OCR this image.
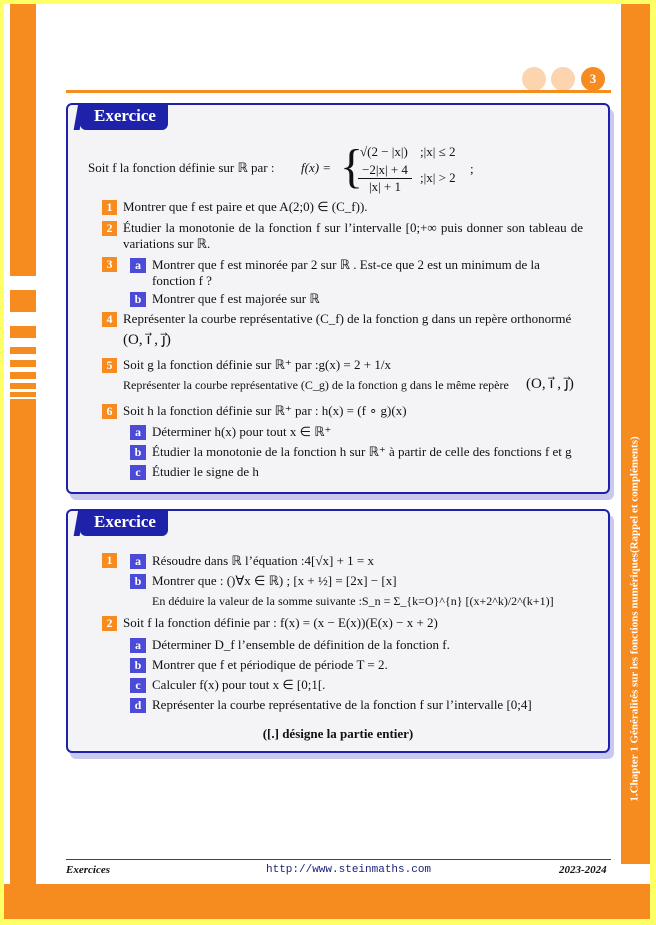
1.Chapter 1 Généralités sur les fonctions numériques(Rappel et compléments)
3
Exercice
Soit f la fonction définie sur ℝ par : f(x) = {
√(2 − |x|) ;|x| ≤ 2
−2|x| + 4
|x| + 1
;|x| > 2
;
1 Montrer que f est paire et que A(2;0) ∈ (C_f)).
2 Étudier la monotonie de la fonction f sur l’intervalle [0;+∞ puis donner son tableau de variations sur ℝ.
3	a Montrer que f est minorée par 2 sur ℝ . Est-ce que 2 est un minimum de la fonction f ?
b Montrer que f est majorée sur ℝ
4 Représenter la courbe représentative (C_f) de la fonction g dans un repère orthonormé
(O, i⃗ , j⃗)
5 Soit g la fonction définie sur ℝ⁺ par :g(x) = 2 + 1/x
Représenter la courbe représentative (C_g) de la fonction g dans le même repère (O, i⃗ , j⃗)
6 Soit h la fonction définie sur ℝ⁺ par : h(x) = (f ∘ g)(x)
a Déterminer h(x) pour tout x ∈ ℝ⁺
b Étudier la monotonie de la fonction h sur ℝ⁺ à partir de celle des fonctions f et g
c Étudier le signe de h
Exercice
1	a Résoudre dans ℝ l’équation :4[√x] + 1 = x
b Montrer que : ()∀x ∈ ℝ) ; [x + ½] = [2x] − [x]
En déduire la valeur de la somme suivante :S_n = Σ_{k=O}^{n} [(x+2^k)/2^(k+1)]
2 Soit f la fonction définie par : f(x) = (x − E(x))(E(x) − x + 2)
a Déterminer D_f l’ensemble de définition de la fonction f.
b Montrer que f et périodique de période T = 2.
c Calculer f(x) pour tout x ∈ [0;1[.
d Représenter la courbe représentative de la fonction f sur l’intervalle [0;4]
([.] désigne la partie entier)
Exercices	http://www.steinmaths.com	2023-2024
